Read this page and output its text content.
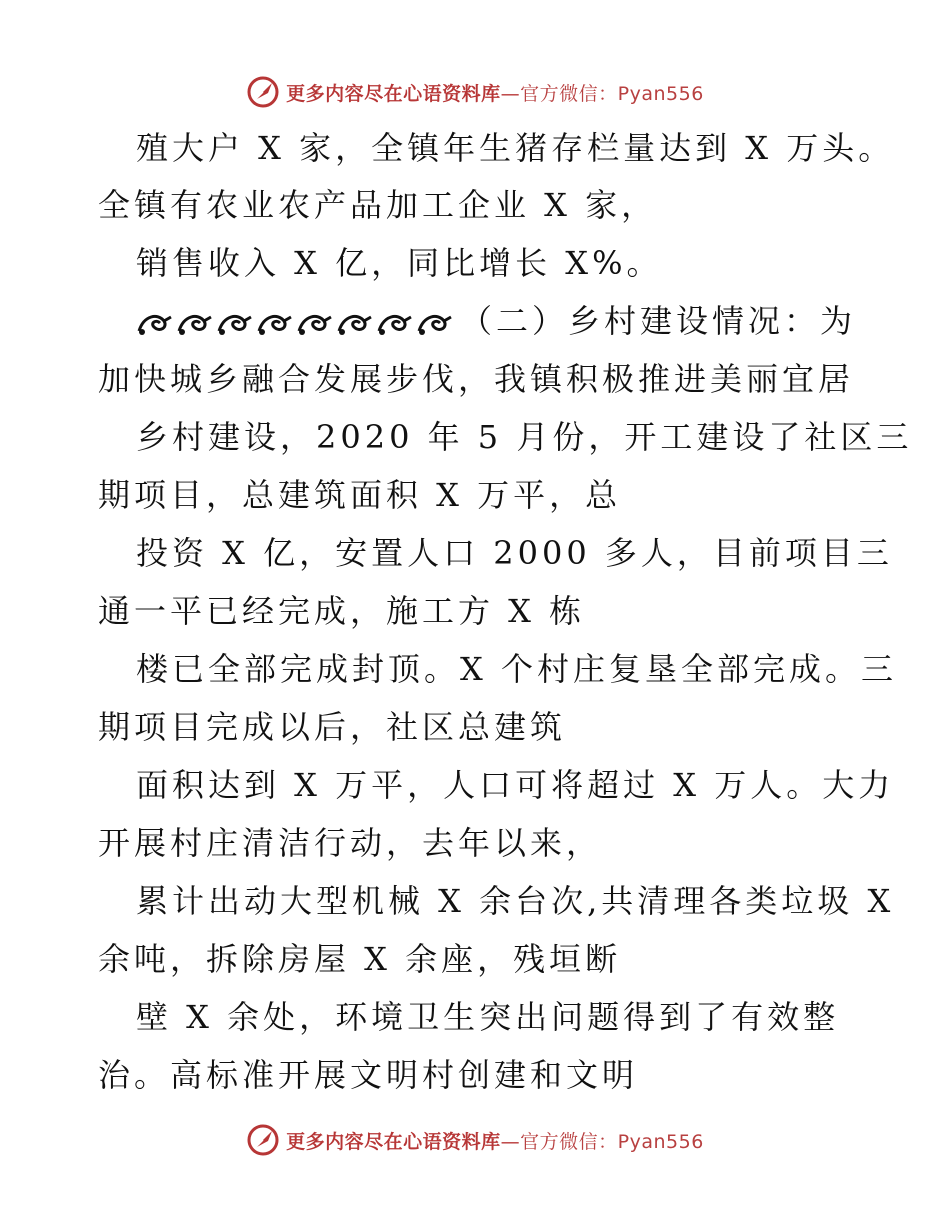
更多内容尽在心语资料库—官方微信：Pyan556
殖大户 X 家，全镇年生猪存栏量达到 X 万头。
全镇有农业农产品加工企业 X 家，
销售收入 X 亿，同比增长 X%。
（二）乡村建设情况：为
加快城乡融合发展步伐，我镇积极推进美丽宜居
乡村建设，2020 年 5 月份，开工建设了社区三
期项目，总建筑面积 X 万平，总
投资 X 亿，安置人口 2000 多人，目前项目三
通一平已经完成，施工方 X 栋
楼已全部完成封顶。X 个村庄复垦全部完成。三
期项目完成以后，社区总建筑
面积达到 X 万平，人口可将超过 X 万人。大力
开展村庄清洁行动，去年以来，
累计出动大型机械 X 余台次,共清理各类垃圾 X
余吨，拆除房屋 X 余座，残垣断
壁 X 余处，环境卫生突出问题得到了有效整
治。高标准开展文明村创建和文明
更多内容尽在心语资料库—官方微信：Pyan556
